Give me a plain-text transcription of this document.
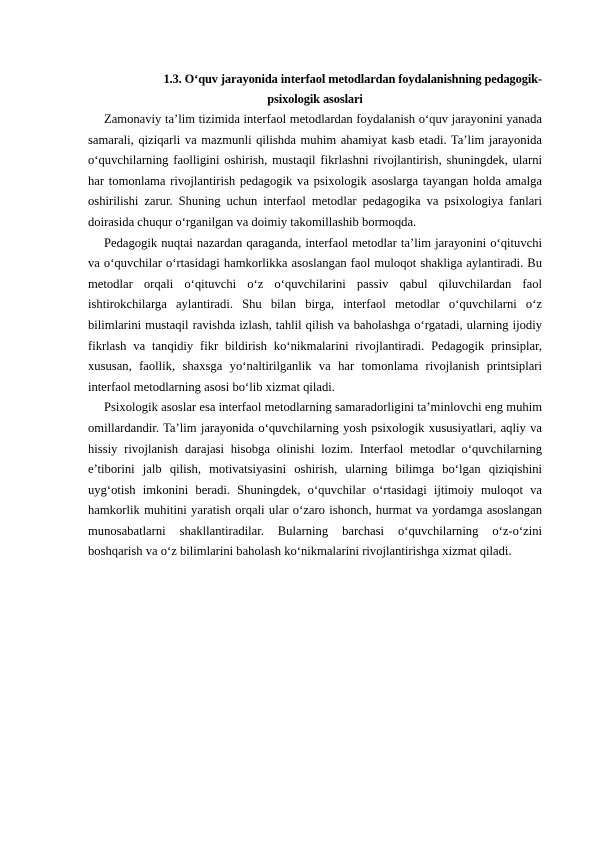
1.3. O‘quv jarayonida interfaol metodlardan foydalanishning pedagogik-
psixologik asoslari

Zamonaviy ta’lim tizimida interfaol metodlardan foydalanish o‘quv jarayonini yanada samarali, qiziqarli va mazmunli qilishda muhim ahamiyat kasb etadi. Ta’lim jarayonida o‘quvchilarning faolligini oshirish, mustaqil fikrlashni rivojlantirish, shuningdek, ularni har tomonlama rivojlantirish pedagogik va psixologik asoslarga tayangan holda amalga oshirilishi zarur. Shuning uchun interfaol metodlar pedagogika va psixologiya fanlari doirasida chuqur o‘rganilgan va doimiy takomillashib bormoqda.

Pedagogik nuqtai nazardan qaraganda, interfaol metodlar ta’lim jarayonini o‘qituvchi va o‘quvchilar o‘rtasidagi hamkorlikka asoslangan faol muloqot shakliga aylantiradi. Bu metodlar orqali o‘qituvchi o‘z o‘quvchilarini passiv qabul qiluvchilardan faol ishtirokchilarga aylantiradi. Shu bilan birga, interfaol metodlar o‘quvchilarni o‘z bilimlarini mustaqil ravishda izlash, tahlil qilish va baholashga o‘rgatadi, ularning ijodiy fikrlash va tanqidiy fikr bildirish ko‘nikmalarini rivojlantiradi. Pedagogik prinsiplar, xususan, faollik, shaxsga yo‘naltirilganlik va har tomonlama rivojlanish printsiplari interfaol metodlarning asosi bo‘lib xizmat qiladi.

Psixologik asoslar esa interfaol metodlarning samaradorligini ta’minlovchi eng muhim omillardandir. Ta’lim jarayonida o‘quvchilarning yosh psixologik xususiyatlari, aqliy va hissiy rivojlanish darajasi hisobga olinishi lozim. Interfaol metodlar o‘quvchilarning e’tiborini jalb qilish, motivatsiyasini oshirish, ularning bilimga bo‘lgan qiziqishini uyg‘otish imkonini beradi. Shuningdek, o‘quvchilar o‘rtasidagi ijtimoiy muloqot va hamkorlik muhitini yaratish orqali ular o‘zaro ishonch, hurmat va yordamga asoslangan munosabatlarni shakllantiradilar. Bularning barchasi o‘quvchilarning o‘z-o‘zini boshqarish va o‘z bilimlarini baholash ko‘nikmalarini rivojlantirishga xizmat qiladi.
